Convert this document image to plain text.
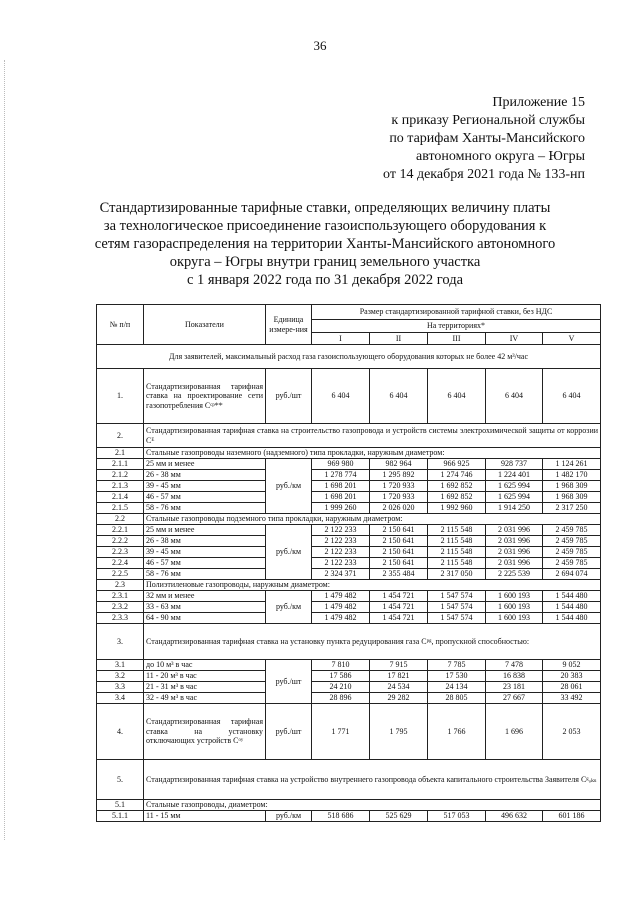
36
Приложение 15
к приказу Региональной службы
по тарифам Ханты-Мансийского
автономного округа – Югры
от 14 декабря 2021 года № 133-нп
Стандартизированные тарифные ставки, определяющих величину платы
за технологическое присоединение газоиспользующего оборудования к
сетям газораспределения на территории Ханты-Мансийского автономного
округа – Югры внутри границ земельного участка
с 1 января 2022 года по 31 декабря 2022 года
№ п/п	Показатели	Единица измере-ния	Размер стандартизированной тарифной ставки, без НДС				
			На территориях*				
			I	II	III	IV	V
Для заявителей, максимальный расход газа газоиспользующего оборудования которых не более 42 м³/час							
1.	Стандартизированная тарифная ставка на проектирование сети газопотребления Cᶜᵖ**	руб./шт	6 404	6 404	6 404	6 404	6 404
2.	Стандартизированная тарифная ставка на строительство газопровода и устройств системы электрохимической защиты от коррозии Cᴱ						
2.1	Стальные газопроводы наземного (надземного) типа прокладки, наружным диаметром:						
2.1.1	25 мм и менее	руб./км	969 980	982 964	966 925	928 737	1 124 261
2.1.2	26 - 38 мм		1 278 774	1 295 892	1 274 746	1 224 401	1 482 170
2.1.3	39 - 45 мм		1 698 201	1 720 933	1 692 852	1 625 994	1 968 309
2.1.4	46 - 57 мм		1 698 201	1 720 933	1 692 852	1 625 994	1 968 309
2.1.5	58 - 76 мм		1 999 260	2 026 020	1 992 960	1 914 250	2 317 250
2.2	Стальные газопроводы подземного типа прокладки, наружным диаметром:						
2.2.1	25 мм и менее	руб./км	2 122 233	2 150 641	2 115 548	2 031 996	2 459 785
2.2.2	26 - 38 мм		2 122 233	2 150 641	2 115 548	2 031 996	2 459 785
2.2.3	39 - 45 мм		2 122 233	2 150 641	2 115 548	2 031 996	2 459 785
2.2.4	46 - 57 мм		2 122 233	2 150 641	2 115 548	2 031 996	2 459 785
2.2.5	58 - 76 мм		2 324 371	2 355 484	2 317 050	2 225 539	2 694 074
2.3	Полиэтиленовые газопроводы, наружным диаметром:						
2.3.1	32 мм и менее	руб./км	1 479 482	1 454 721	1 547 574	1 600 193	1 544 480
2.3.2	33 - 63 мм		1 479 482	1 454 721	1 547 574	1 600 193	1 544 480
2.3.3	64 - 90 мм		1 479 482	1 454 721	1 547 574	1 600 193	1 544 480
3.	Стандартизированная тарифная ставка на установку пункта редуцирования газа Cᵖᵍ, пропускной способностью:						
3.1	до 10 м³ в час	руб./шт	7 810	7 915	7 785	7 478	9 052
3.2	11 - 20 м³ в час		17 586	17 821	17 530	16 838	20 383
3.3	21 - 31 м³ в час		24 210	24 534	24 134	23 181	28 061
3.4	32 - 49 м³ в час		28 896	29 282	28 805	27 667	33 492
4.	Стандартизированная тарифная ставка на установку отключающих устройств Cᵒʸ	руб./шт	1 771	1 795	1 766	1 696	2 053
5.	Стандартизированная тарифная ставка на устройство внутреннего газопровода объекта капитального строительства Заявителя Cᵍₒₖₛ						
5.1	Стальные газопроводы, диаметром:						
5.1.1	11 - 15 мм	руб./км	518 686	525 629	517 053	496 632	601 186
